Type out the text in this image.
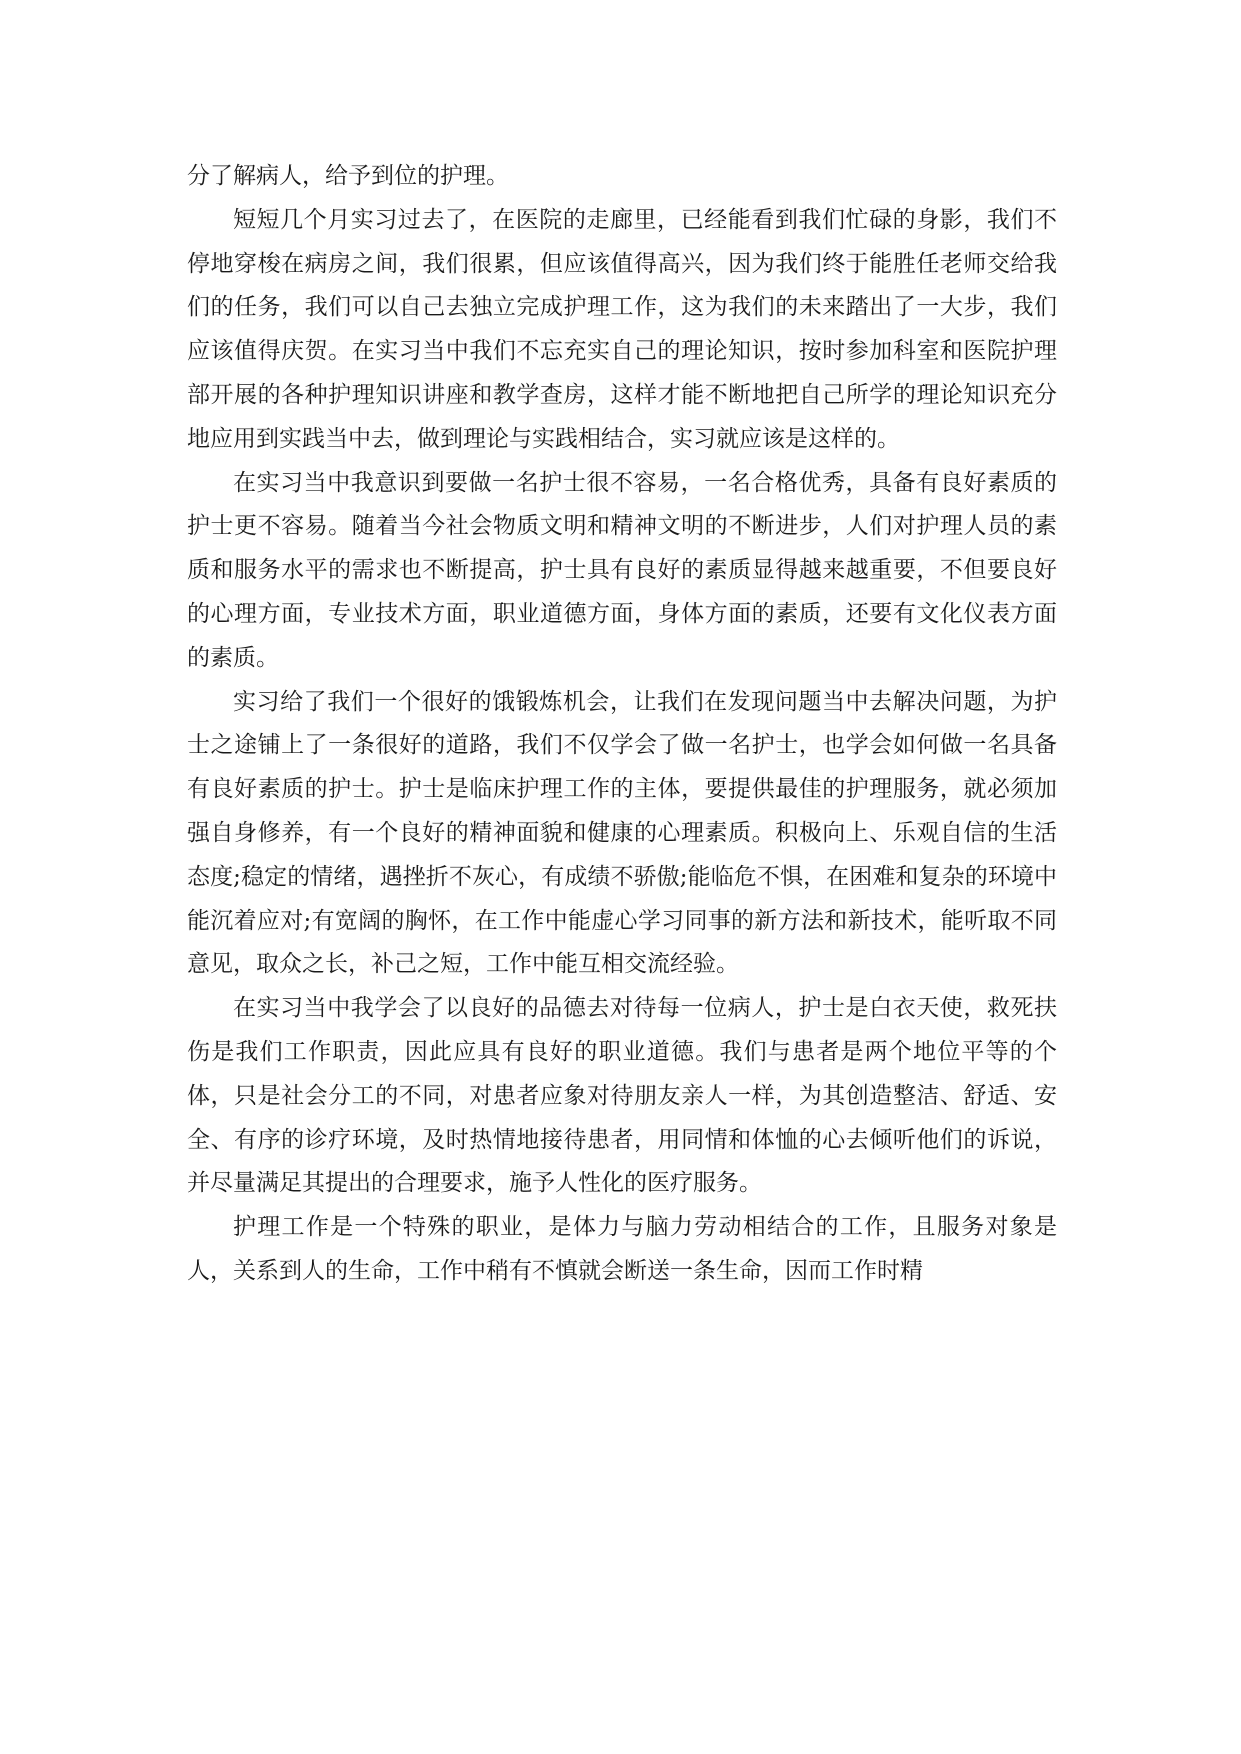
分了解病人，给予到位的护理。

短短几个月实习过去了，在医院的走廊里，已经能看到我们忙碌的身影，我们不停地穿梭在病房之间，我们很累，但应该值得高兴，因为我们终于能胜任老师交给我们的任务，我们可以自己去独立完成护理工作，这为我们的未来踏出了一大步，我们应该值得庆贺。在实习当中我们不忘充实自己的理论知识，按时参加科室和医院护理部开展的各种护理知识讲座和教学查房，这样才能不断地把自己所学的理论知识充分地应用到实践当中去，做到理论与实践相结合，实习就应该是这样的。

在实习当中我意识到要做一名护士很不容易，一名合格优秀，具备有良好素质的护士更不容易。随着当今社会物质文明和精神文明的不断进步，人们对护理人员的素质和服务水平的需求也不断提高，护士具有良好的素质显得越来越重要，不但要良好的心理方面，专业技术方面，职业道德方面，身体方面的素质，还要有文化仪表方面的素质。

实习给了我们一个很好的饿锻炼机会，让我们在发现问题当中去解决问题，为护士之途铺上了一条很好的道路，我们不仅学会了做一名护士，也学会如何做一名具备有良好素质的护士。护士是临床护理工作的主体，要提供最佳的护理服务，就必须加强自身修养，有一个良好的精神面貌和健康的心理素质。积极向上、乐观自信的生活态度;稳定的情绪，遇挫折不灰心，有成绩不骄傲;能临危不惧，在困难和复杂的环境中能沉着应对;有宽阔的胸怀，在工作中能虚心学习同事的新方法和新技术，能听取不同意见，取众之长，补己之短，工作中能互相交流经验。

在实习当中我学会了以良好的品德去对待每一位病人，护士是白衣天使，救死扶伤是我们工作职责，因此应具有良好的职业道德。我们与患者是两个地位平等的个体，只是社会分工的不同，对患者应象对待朋友亲人一样，为其创造整洁、舒适、安全、有序的诊疗环境，及时热情地接待患者，用同情和体恤的心去倾听他们的诉说，并尽量满足其提出的合理要求，施予人性化的医疗服务。

护理工作是一个特殊的职业，是体力与脑力劳动相结合的工作，且服务对象是人，关系到人的生命，工作中稍有不慎就会断送一条生命，因而工作时精
